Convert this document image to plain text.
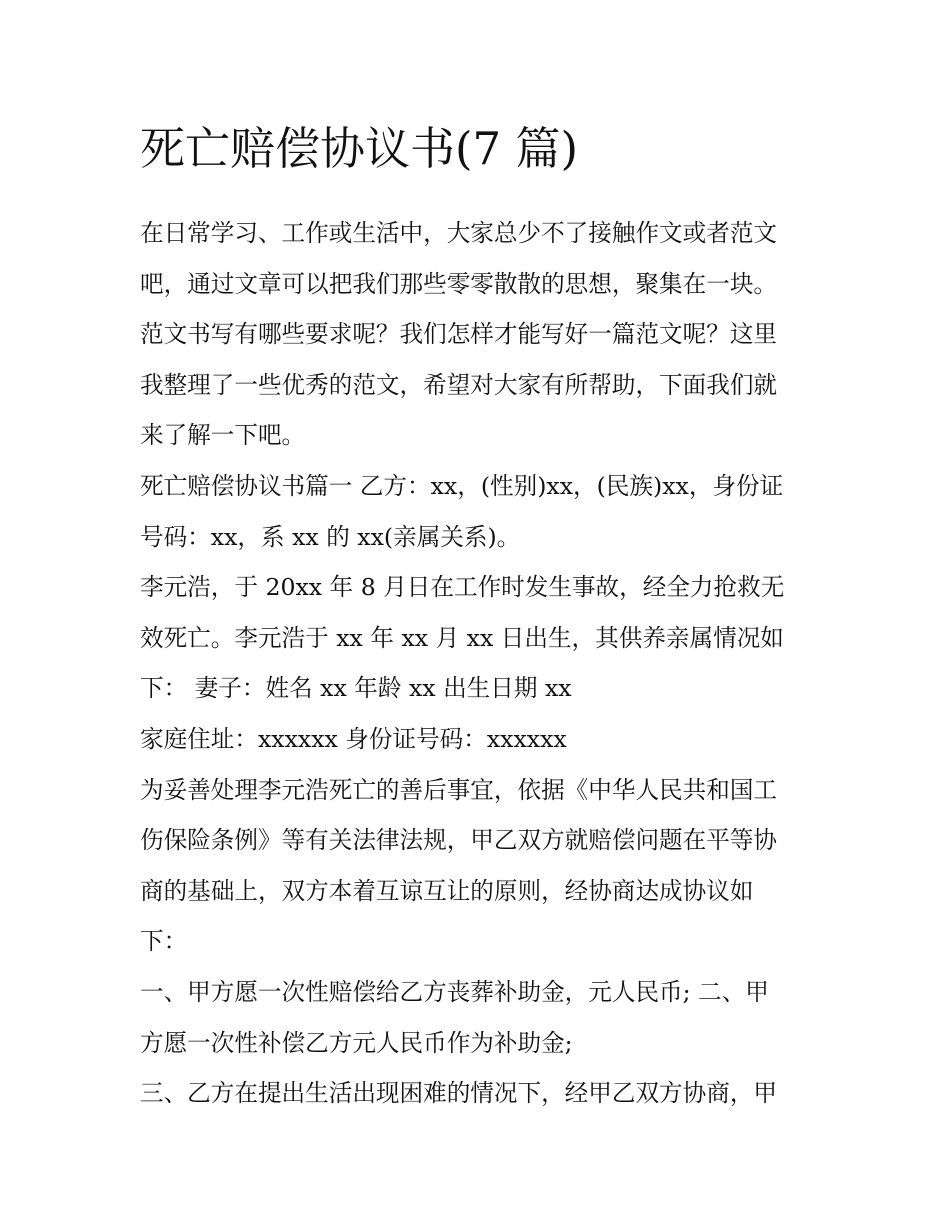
死亡赔偿协议书(7 篇)

在日常学习、工作或生活中，大家总少不了接触作文或者范文
吧，通过文章可以把我们那些零零散散的思想，聚集在一块。
范文书写有哪些要求呢？我们怎样才能写好一篇范文呢？这里
我整理了一些优秀的范文，希望对大家有所帮助，下面我们就
来了解一下吧。

死亡赔偿协议书篇一 乙方：xx，(性别)xx，(民族)xx，身份证
号码：xx，系 xx 的 xx(亲属关系)。

李元浩，于 20xx 年 8 月日在工作时发生事故，经全力抢救无
效死亡。李元浩于 xx 年 xx 月 xx 日出生，其供养亲属情况如
下： 妻子：姓名 xx 年龄 xx 出生日期 xx

家庭住址：xxxxxx 身份证号码：xxxxxx

为妥善处理李元浩死亡的善后事宜，依据《中华人民共和国工
伤保险条例》等有关法律法规，甲乙双方就赔偿问题在平等协
商的基础上，双方本着互谅互让的原则，经协商达成协议如
下：

一、甲方愿一次性赔偿给乙方丧葬补助金，元人民币; 二、甲
方愿一次性补偿乙方元人民币作为补助金;

三、乙方在提出生活出现困难的情况下，经甲乙双方协商，甲
